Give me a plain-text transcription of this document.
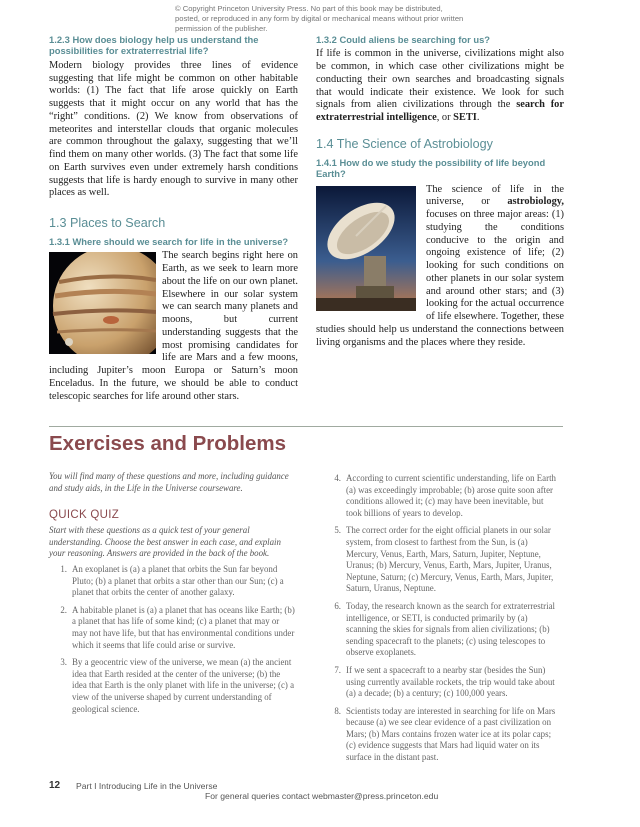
© Copyright Princeton University Press. No part of this book may be distributed, posted, or reproduced in any form by digital or mechanical means without prior written permission of the publisher.

1.2.3 How does biology help us understand the possibilities for extraterrestrial life?

Modern biology provides three lines of evidence suggesting that life might be common on other habitable worlds: (1) The fact that life arose quickly on Earth suggests that it might occur on any world that has the “right” conditions. (2) We know from observations of meteorites and interstellar clouds that organic molecules are common throughout the galaxy, suggesting that we’ll find them on many other worlds. (3) The fact that some life on Earth survives even under extremely harsh conditions suggests that life is hardy enough to survive in many other places as well.

1.3 Places to Search

1.3.1 Where should we search for life in the universe?

The search begins right here on Earth, as we seek to learn more about the life on our own planet. Elsewhere in our solar system we can search many planets and moons, but current understanding suggests that the most promising candidates for life are Mars and a few moons, including Jupiter’s moon Europa or Saturn’s moon Enceladus. In the future, we should be able to conduct telescopic searches for life around other stars.

1.3.2 Could aliens be searching for us?

If life is common in the universe, civilizations might also be common, in which case other civilizations might be conducting their own searches and broadcasting signals that would indicate their existence. We look for such signals from alien civilizations through the search for extraterrestrial intelligence, or SETI.

1.4 The Science of Astrobiology

1.4.1 How do we study the possibility of life beyond Earth?

The science of life in the universe, or astrobiology, focuses on three major areas: (1) studying the conditions conducive to the origin and ongoing existence of life; (2) looking for such conditions on other planets in our solar system and around other stars; and (3) looking for the actual occurrence of life elsewhere. Together, these studies should help us understand the connections between living organisms and the places where they reside.

Exercises and Problems

You will find many of these questions and more, including guidance and study aids, in the Life in the Universe courseware.

QUICK QUIZ

Start with these questions as a quick test of your general understanding. Choose the best answer in each case, and explain your reasoning. Answers are provided in the back of the book.

1. An exoplanet is (a) a planet that orbits the Sun far beyond Pluto; (b) a planet that orbits a star other than our Sun; (c) a planet that orbits the center of another galaxy.
2. A habitable planet is (a) a planet that has oceans like Earth; (b) a planet that has life of some kind; (c) a planet that may or may not have life, but that has environmental conditions under which it seems that life could arise or survive.
3. By a geocentric view of the universe, we mean (a) the ancient idea that Earth resided at the center of the universe; (b) the idea that Earth is the only planet with life in the universe; (c) a view of the universe shaped by current understanding of geological science.
4. According to current scientific understanding, life on Earth (a) was exceedingly improbable; (b) arose quite soon after conditions allowed it; (c) may have been inevitable, but took billions of years to develop.
5. The correct order for the eight official planets in our solar system, from closest to farthest from the Sun, is (a) Mercury, Venus, Earth, Mars, Saturn, Jupiter, Neptune, Uranus; (b) Mercury, Venus, Earth, Mars, Jupiter, Uranus, Neptune, Saturn; (c) Mercury, Venus, Earth, Mars, Jupiter, Saturn, Uranus, Neptune.
6. Today, the research known as the search for extraterrestrial intelligence, or SETI, is conducted primarily by (a) scanning the skies for signals from alien civilizations; (b) sending spacecraft to the planets; (c) using telescopes to observe exoplanets.
7. If we sent a spacecraft to a nearby star (besides the Sun) using currently available rockets, the trip would take about (a) a decade; (b) a century; (c) 100,000 years.
8. Scientists today are interested in searching for life on Mars because (a) we see clear evidence of a past civilization on Mars; (b) Mars contains frozen water ice at its polar caps; (c) evidence suggests that Mars had liquid water on its surface in the distant past.
12 Part I Introducing Life in the Universe
For general queries contact webmaster@press.princeton.edu
